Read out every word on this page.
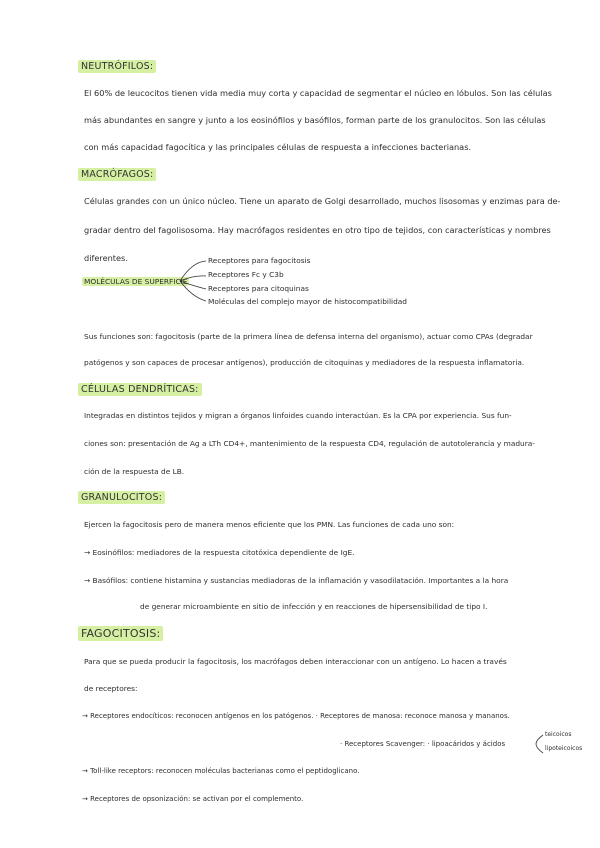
NEUTRÓFILOS:
El 60% de leucocitos tienen vida media muy corta y capacidad de segmentar el núcleo en lóbulos. Son las células
más abundantes en sangre y junto a los eosinófilos y basófilos, forman parte de los granulocitos. Son las células
con más capacidad fagocítica y las principales células de respuesta a infecciones bacterianas.
MACRÓFAGOS:
Células grandes con un único núcleo. Tiene un aparato de Golgi desarrollado, muchos lisosomas y enzimas para de-
gradar dentro del fagolisosoma. Hay macrófagos residentes en otro tipo de tejidos, con características y nombres
diferentes.
MOLÉCULAS DE SUPERFICIE
Receptores para fagocitosis
Receptores Fc y C3b
Receptores para citoquinas
Moléculas del complejo mayor de histocompatibilidad
Sus funciones son: fagocitosis (parte de la primera línea de defensa interna del organismo), actuar como CPAs (degradar
patógenos y son capaces de procesar antígenos), producción de citoquinas y mediadores de la respuesta inflamatoria.
CÉLULAS DENDRÍTICAS:
Integradas en distintos tejidos y migran a órganos linfoides cuando interactúan. Es la CPA por experiencia. Sus fun-
ciones son: presentación de Ag a LTh CD4+, mantenimiento de la respuesta CD4, regulación de autotolerancia y madura-
ción de la respuesta de LB.
GRANULOCITOS:
Ejercen la fagocitosis pero de manera menos eficiente que los PMN. Las funciones de cada uno son:
→ Eosinófilos: mediadores de la respuesta citotóxica dependiente de IgE.
→ Basófilos: contiene histamina y sustancias mediadoras de la inflamación y vasodilatación. Importantes a la hora
de generar microambiente en sitio de infección y en reacciones de hipersensibilidad de tipo I.
FAGOCITOSIS:
Para que se pueda producir la fagocitosis, los macrófagos deben interaccionar con un antígeno. Lo hacen a través
de receptores:
→ Receptores endocíticos: reconocen antígenos en los patógenos. · Receptores de manosa: reconoce manosa y mananos.
· Receptores Scavenger: · lipoacáridos y ácidos
teicoicos
lipoteicoicos
→ Toll-like receptors: reconocen moléculas bacterianas como el peptidoglicano.
→ Receptores de opsonización: se activan por el complemento.
